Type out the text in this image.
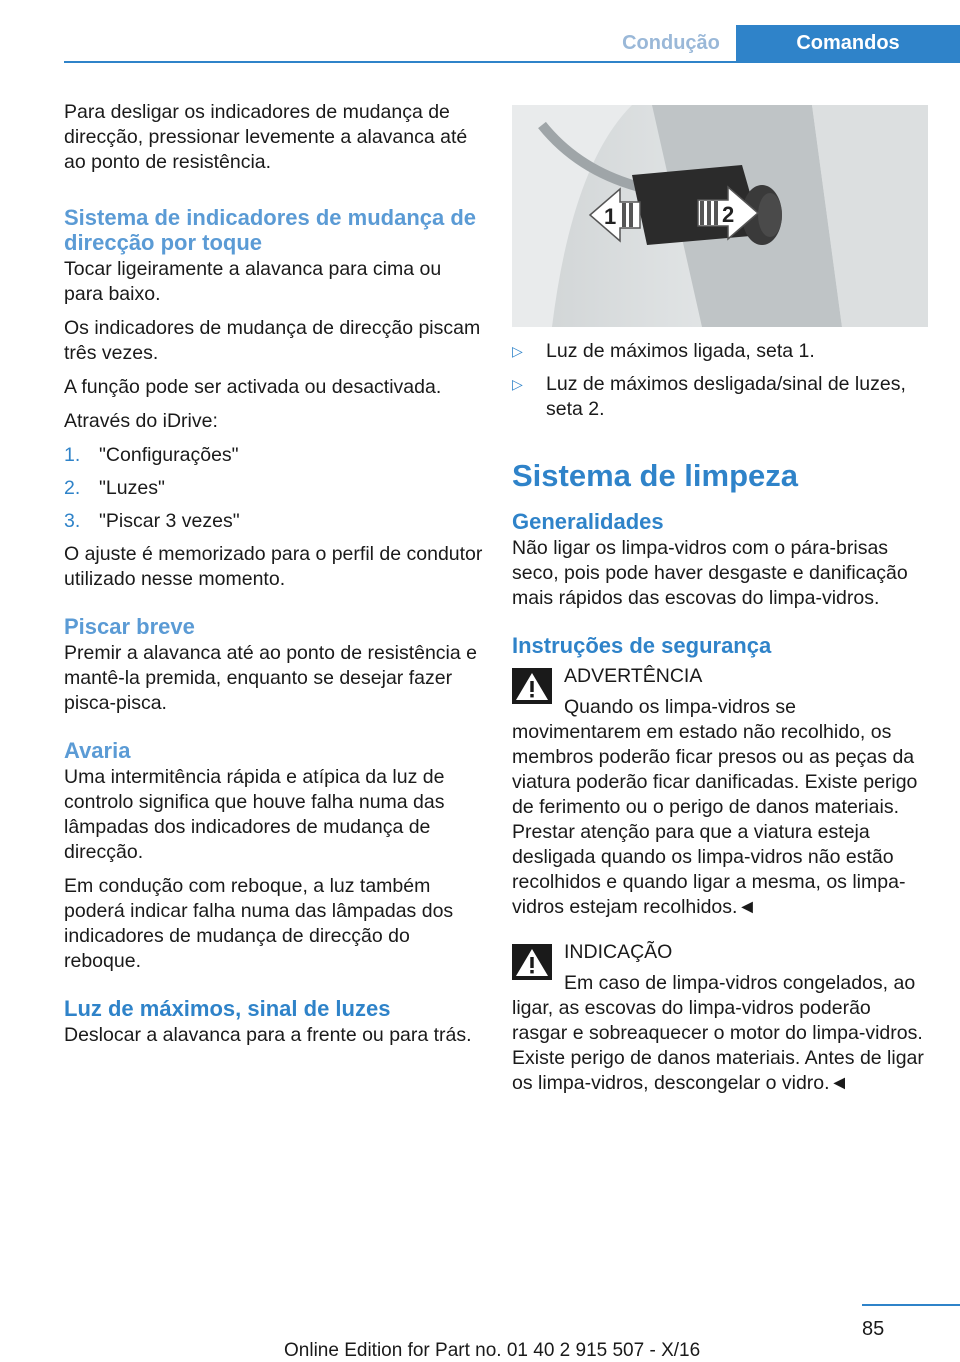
Condução	Comandos

Para desligar os indicadores de mudança de direcção, pressionar levemente a alavanca até ao ponto de resistência.

Sistema de indicadores de mudança de direcção por toque

Tocar ligeiramente a alavanca para cima ou para baixo.

Os indicadores de mudança de direcção piscam três vezes.

A função pode ser activada ou desactivada.

Através do iDrive:

1. "Configurações"
2. "Luzes"
3. "Piscar 3 vezes"

O ajuste é memorizado para o perfil de condutor utilizado nesse momento.

Piscar breve

Premir a alavanca até ao ponto de resistência e mantê-la premida, enquanto se desejar fazer pisca-pisca.

Avaria

Uma intermitência rápida e atípica da luz de controlo significa que houve falha numa das lâmpadas dos indicadores de mudança de direcção.

Em condução com reboque, a luz também poderá indicar falha numa das lâmpadas dos indicadores de mudança de direcção do reboque.

Luz de máximos, sinal de luzes

Deslocar a alavanca para a frente ou para trás.

1	2
▷	Luz de máximos ligada, seta 1.
▷	Luz de máximos desligada/sinal de luzes, seta 2.
Sistema de limpeza
Generalidades

Não ligar os limpa-vidros com o pára-brisas seco, pois pode haver desgaste e danificação mais rápidos das escovas do limpa-vidros.

Instruções de segurança
ADVERTÊNCIA

Quando os limpa-vidros se movimentarem em estado não recolhido, os membros poderão ficar presos ou as peças da viatura poderão ficar danificadas. Existe perigo de ferimento ou o perigo de danos materiais. Prestar atenção para que a viatura esteja desligada quando os limpa-vidros não estão recolhidos e quando ligar a mesma, os limpa-vidros estejam recolhidos.◄

INDICAÇÃO

Em caso de limpa-vidros congelados, ao ligar, as escovas do limpa-vidros poderão rasgar e sobreaquecer o motor do limpa-vidros. Existe perigo de danos materiais. Antes de ligar os limpa-vidros, descongelar o vidro.◄

85
Online Edition for Part no. 01 40 2 915 507 - X/16
